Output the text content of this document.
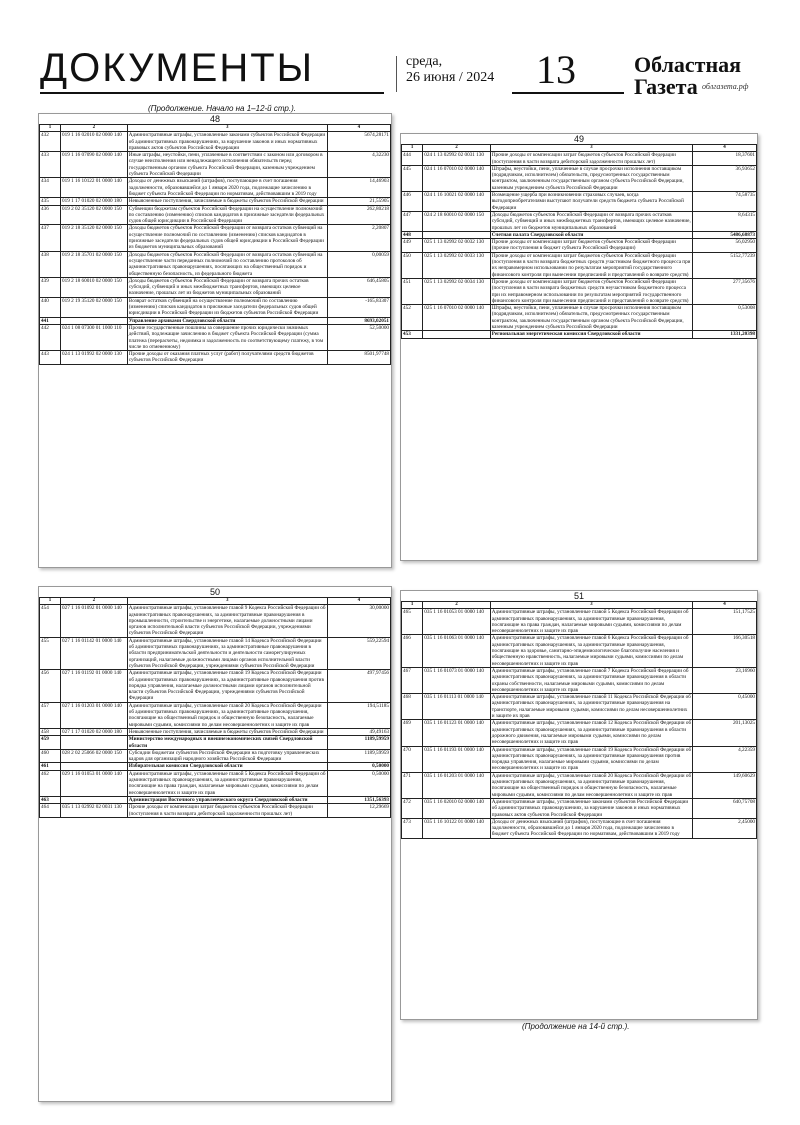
ДОКУМЕНТЫ	среда,
26 июня / 2024 13	Областная
Газета облгазета.рф
(Продолжение. Начало на 1–12-й стр.).
48
1	2	3	4
432	019 1 16 02010 02 0000 140	Административные штрафы, установленные законами субъектов Российской Федерации об административных правонарушениях, за нарушение законов и иных нормативных правовых актов субъектов Российской Федерации	5674,28171
433	019 1 16 07090 02 0000 140	Иные штрафы, неустойки, пени, уплаченные в соответствии с законом или договором в случае неисполнения или ненадлежащего исполнения обязательств перед государственным органом субъекта Российской Федерации, казенным учреждением субъекта Российской Федерации	4,32230
434	019 1 16 10122 01 0000 140	Доходы от денежных взысканий (штрафов), поступающие в счет погашения задолженности, образовавшейся до 1 января 2020 года, подлежащие зачислению в бюджет субъекта Российской Федерации по нормативам, действовавшим в 2019 году	14,46903
435	019 1 17 01020 02 0000 180	Невыясненные поступления, зачисляемые в бюджеты субъектов Российской Федерации	21,55905
436	019 2 02 35120 02 0000 150	Субвенции бюджетам субъектов Российской Федерации на осуществление полномочий по составлению (изменению) списков кандидатов в присяжные заседатели федеральных судов общей юрисдикции в Российской Федерации	262,80218
437	019 2 18 35120 02 0000 150	Доходы бюджетов субъектов Российской Федерации от возврата остатков субвенций на осуществление полномочий по составлению (изменению) списков кандидатов в присяжные заседатели федеральных судов общей юрисдикции в Российской Федерации из бюджетов муниципальных образований	2,20807
438	019 2 18 35701 02 0000 150	Доходы бюджетов субъектов Российской Федерации от возврата остатков субвенций на осуществление части переданных полномочий по составлению протоколов об административных правонарушениях, посягающих на общественный порядок и общественную безопасность, из федерального бюджета	0,00059
439	019 2 18 60010 02 0000 150	Доходы бюджетов субъектов Российской Федерации от возврата прочих остатков субсидий, субвенций и иных межбюджетных трансфертов, имеющих целевое назначение, прошлых лет из бюджетов муниципальных образований	646,45805
440	019 2 19 35120 02 0000 150	Возврат остатков субвенций на осуществление полномочий по составлению (изменению) списков кандидатов в присяжные заседатели федеральных судов общей юрисдикции в Российской Федерации из бюджетов субъектов Российской Федерации	-165,83307
441		Управление архивами Свердловской области	8693,02051
442	024 1 08 07300 01 1000 110	Прочие государственные пошлины за совершение прочих юридически значимых действий, подлежащие зачислению в бюджет субъекта Российской Федерации (сумма платежа (перерасчеты, недоимка и задолженность по соответствующему платежу, в том числе по отмененному)	52,50000
443	024 1 13 01992 02 0000 130	Прочие доходы от оказания платных услуг (работ) получателями средств бюджетов субъектов Российской Федерации	8501,97748
49
1	2	3	4
444	024 1 13 02992 02 0031 130	Прочие доходы от компенсации затрат бюджетов субъектов Российской Федерации (поступления в части возврата дебиторской задолженности прошлых лет)	18,37601
445	024 1 16 07010 02 0000 140	Штрафы, неустойки, пени, уплаченные в случае просрочки исполнения поставщиком (подрядчиком, исполнителем) обязательств, предусмотренных государственным контрактом, заключенным государственным органом субъекта Российской Федерации, казенным учреждением субъекта Российской Федерации	36,93652
446	024 1 16 10021 02 0000 140	Возмещение ущерба при возникновении страховых случаев, когда выгодоприобретателями выступают получатели средств бюджета субъекта Российской Федерации	74,58735
447	024 2 18 60010 02 0000 150	Доходы бюджетов субъектов Российской Федерации от возврата прочих остатков субсидий, субвенций и иных межбюджетных трансфертов, имеющих целевое назначение, прошлых лет из бюджетов муниципальных образований	8,64315
448		Счетная палата Свердловской области	5486,68873
449	025 1 13 02992 02 0032 130	Прочие доходы от компенсации затрат бюджетов субъектов Российской Федерации (прочие поступления в бюджет субъекта Российской Федерации)	56,02950
450	025 1 13 02992 02 0033 130	Прочие доходы от компенсации затрат бюджетов субъектов Российской Федерации (поступления в части возврата бюджетных средств участником бюджетного процесса при их неправомерном использовании по результатам мероприятий государственного финансового контроля при вынесении предписаний и представлений о возврате средств)	5152,77239
451	025 1 13 02992 02 0034 130	Прочие доходы от компенсации затрат бюджетов субъектов Российской Федерации (поступления в части возврата бюджетных средств неучастником бюджетного процесса при их неправомерном использовании по результатам мероприятий государственного финансового контроля при вынесении предписаний и представлений о возврате средств)	277,35676
452	025 1 16 07010 02 0000 140	Штрафы, неустойки, пени, уплаченные в случае просрочки исполнения поставщиком (подрядчиком, исполнителем) обязательств, предусмотренных государственным контрактом, заключенным государственным органом субъекта Российской Федерации, казенным учреждением субъекта Российской Федерации	0,53008
453		Региональная энергетическая комиссия Свердловской области	1331,20398
50
1	2	3	4
454	027 1 16 01092 01 0000 140	Административные штрафы, установленные главой 9 Кодекса Российской Федерации об административных правонарушениях, за административные правонарушения в промышленности, строительстве и энергетике, налагаемые должностными лицами органов исполнительной власти субъектов Российской Федерации, учреждениями субъектов Российской Федерации	30,00000
455	027 1 16 01142 01 0000 140	Административные штрафы, установленные главой 14 Кодекса Российской Федерации об административных правонарушениях, за административные правонарушения в области предпринимательской деятельности и деятельности саморегулируемых организаций, налагаемые должностными лицами органов исполнительной власти субъектов Российской Федерации, учреждениями субъектов Российской Федерации	559,22594
456	027 1 16 01192 01 0000 140	Административные штрафы, установленные главой 19 Кодекса Российской Федерации об административных правонарушениях, за административные правонарушения против порядка управления, налагаемые должностными лицами органов исполнительной власти субъектов Российской Федерации, учреждениями субъектов Российской Федерации	497,97456
457	027 1 16 01203 01 0000 140	Административные штрафы, установленные главой 20 Кодекса Российской Федерации об административных правонарушениях, за административные правонарушения, посягающие на общественный порядок и общественную безопасность, налагаемые мировыми судьями, комиссиями по делам несовершеннолетних и защите их прав	194,51185
458	027 1 17 01020 02 0000 180	Невыясненные поступления, зачисляемые в бюджеты субъектов Российской Федерации	49,49163
459		Министерство международных и внешнеэкономических связей Свердловской области	1189,59959
460	028 2 02 25066 02 0000 150	Субсидии бюджетам субъектов Российской Федерации на подготовку управленческих кадров для организаций народного хозяйства Российской Федерации	1189,59959
461		Избирательная комиссия Свердловской области	0,50000
462	029 1 16 01053 01 0000 140	Административные штрафы, установленные главой 5 Кодекса Российской Федерации об административных правонарушениях, за административные правонарушения, посягающие на права граждан, налагаемые мировыми судьями, комиссиями по делам несовершеннолетних и защите их прав	0,50000
463		Администрация Восточного управленческого округа Свердловской области	1351,56393
464	035 1 13 02992 02 0031 130	Прочие доходы от компенсации затрат бюджетов субъектов Российской Федерации (поступления в части возврата дебиторской задолженности прошлых лет)	12,29669
51
1	2	3	4
465	035 1 16 01053 01 0000 140	Административные штрафы, установленные главой 5 Кодекса Российской Федерации об административных правонарушениях, за административные правонарушения, посягающие на права граждан, налагаемые мировыми судьями, комиссиями по делам несовершеннолетних и защите их прав	151,17525
466	035 1 16 01063 01 0000 140	Административные штрафы, установленные главой 6 Кодекса Российской Федерации об административных правонарушениях, за административные правонарушения, посягающие на здоровье, санитарно-эпидемиологическое благополучие населения и общественную нравственность, налагаемые мировыми судьями, комиссиями по делам несовершеннолетних и защите их прав	166,30518
467	035 1 16 01073 01 0000 140	Административные штрафы, установленные главой 7 Кодекса Российской Федерации об административных правонарушениях, за административные правонарушения в области охраны собственности, налагаемые мировыми судьями, комиссиями по делам несовершеннолетних и защите их прав	23,16960
468	035 1 16 01113 01 0000 140	Административные штрафы, установленные главой 11 Кодекса Российской Федерации об административных правонарушениях, за административные правонарушения на транспорте, налагаемые мировыми судьями, комиссиями по делам несовершеннолетних и защите их прав	0,45000
469	035 1 16 01123 01 0000 140	Административные штрафы, установленные главой 12 Кодекса Российской Федерации об административных правонарушениях, за административные правонарушения в области дорожного движения, налагаемые мировыми судьями, комиссиями по делам несовершеннолетних и защите их прав	201,13025
470	035 1 16 01193 01 0000 140	Административные штрафы, установленные главой 19 Кодекса Российской Федерации об административных правонарушениях, за административные правонарушения против порядка управления, налагаемые мировыми судьями, комиссиями по делам несовершеннолетних и защите их прав	4,22359
471	035 1 16 01203 01 0000 140	Административные штрафы, установленные главой 20 Кодекса Российской Федерации об административных правонарушениях, за административные правонарушения, посягающие на общественный порядок и общественную безопасность, налагаемые мировыми судьями, комиссиями по делам несовершеннолетних и защите их прав	149,60629
472	035 1 16 02010 02 0000 140	Административные штрафы, установленные законами субъектов Российской Федерации об административных правонарушениях, за нарушение законов и иных нормативных правовых актов субъектов Российской Федерации	640,75708
473	035 1 16 10122 01 0000 140	Доходы от денежных взысканий (штрафов), поступающие в счет погашения задолженности, образовавшейся до 1 января 2020 года, подлежащие зачислению в бюджет субъекта Российской Федерации по нормативам, действовавшим в 2019 году	2,45000
(Продолжение на 14-й стр.).
